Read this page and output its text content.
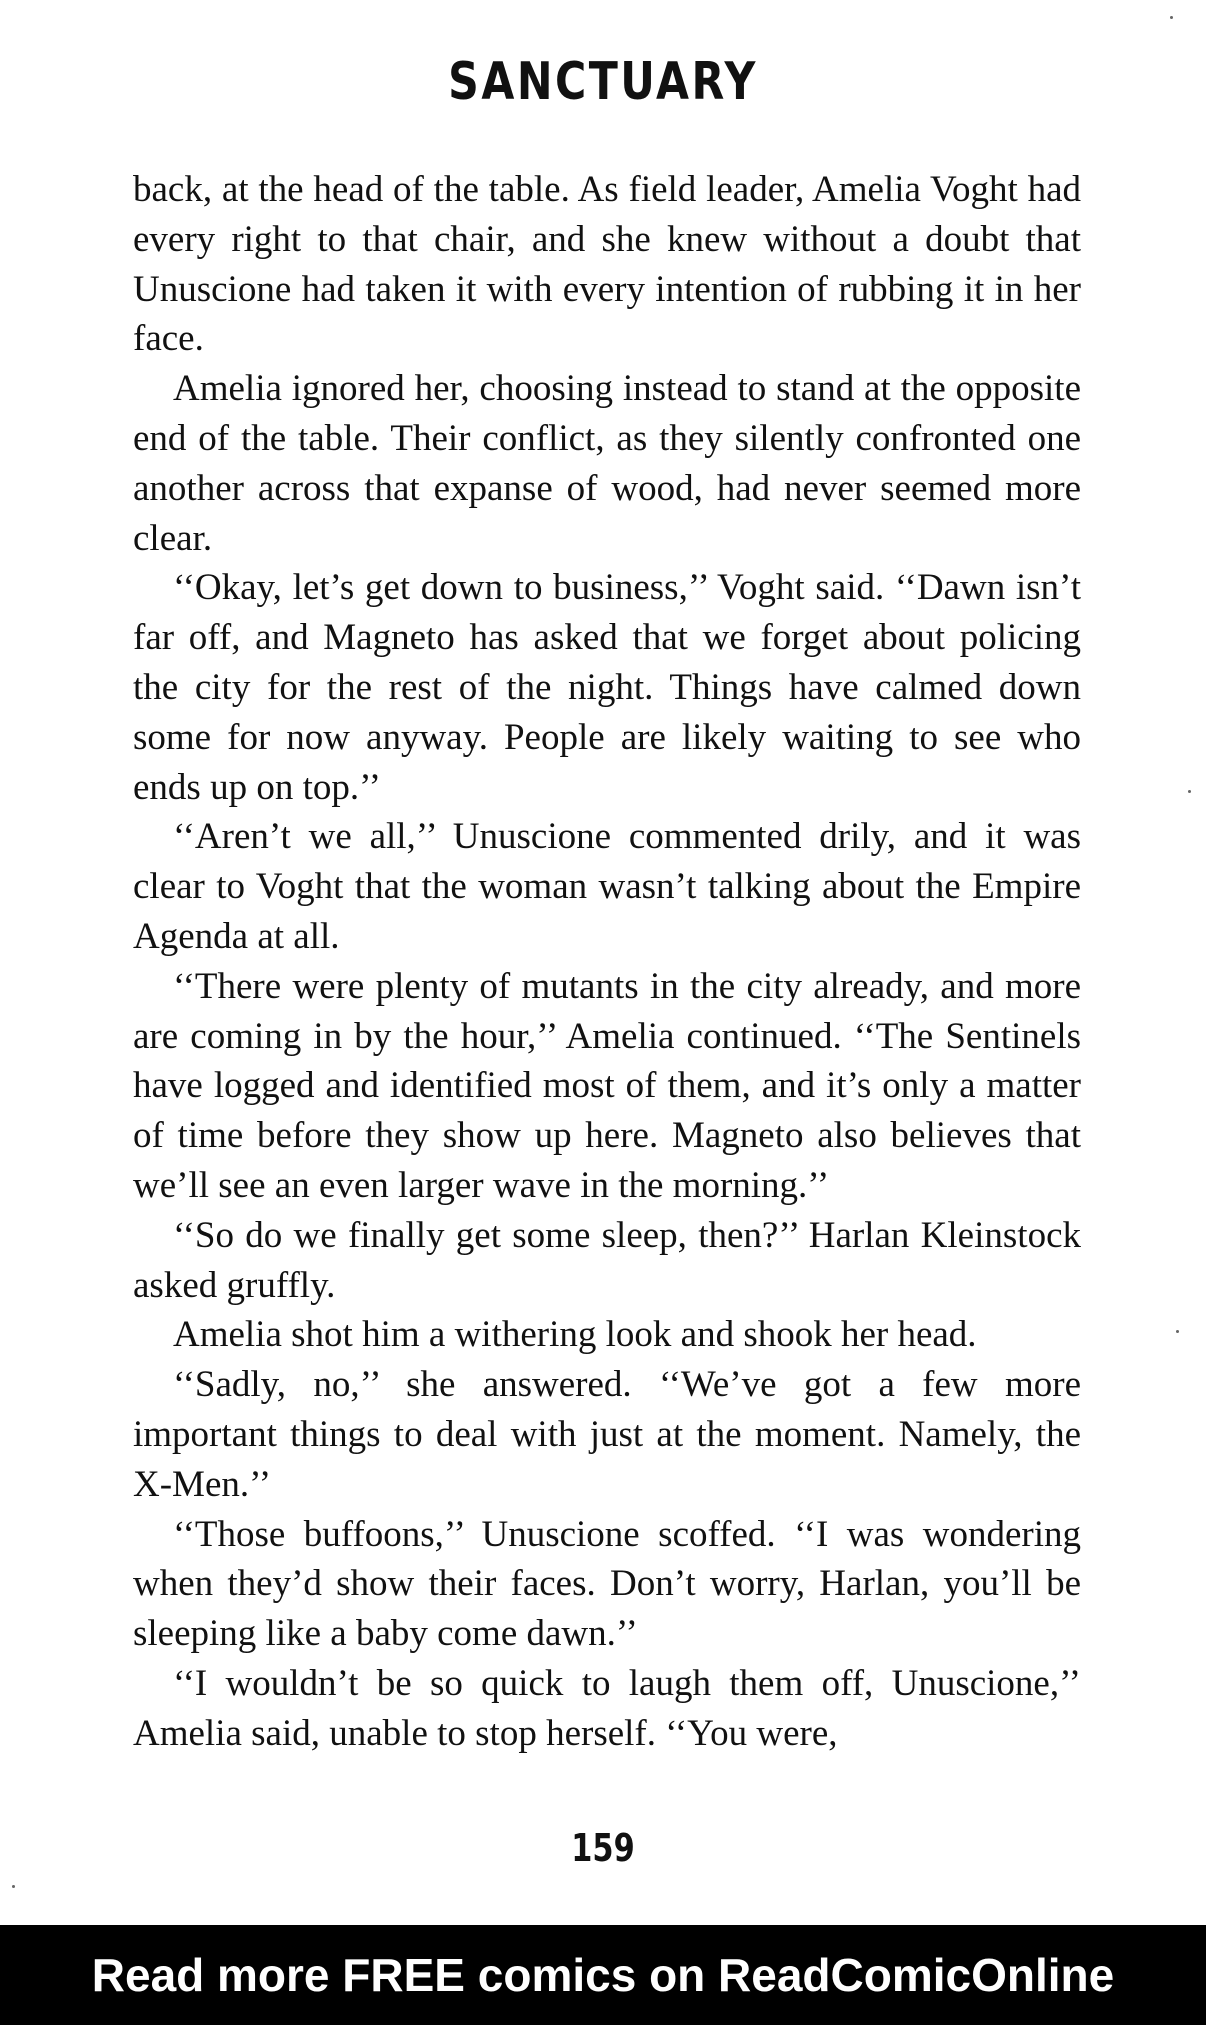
SANCTUARY

back, at the head of the table. As field leader, Amelia Voght had every right to that chair, and she knew without a doubt that Unuscione had taken it with every intention of rubbing it in her face.

Amelia ignored her, choosing instead to stand at the opposite end of the table. Their conflict, as they silently confronted one another across that expanse of wood, had never seemed more clear.

‘‘Okay, let’s get down to business,’’ Voght said. ‘‘Dawn isn’t far off, and Magneto has asked that we forget about policing the city for the rest of the night. Things have calmed down some for now anyway. People are likely waiting to see who ends up on top.’’

‘‘Aren’t we all,’’ Unuscione commented drily, and it was clear to Voght that the woman wasn’t talking about the Empire Agenda at all.

‘‘There were plenty of mutants in the city already, and more are coming in by the hour,’’ Amelia continued. ‘‘The Sentinels have logged and identified most of them, and it’s only a matter of time before they show up here. Magneto also believes that we’ll see an even larger wave in the morning.’’

‘‘So do we finally get some sleep, then?’’ Harlan Kleinstock asked gruffly.

Amelia shot him a withering look and shook her head.

‘‘Sadly, no,’’ she answered. ‘‘We’ve got a few more important things to deal with just at the moment. Namely, the X-Men.’’

‘‘Those buffoons,’’ Unuscione scoffed. ‘‘I was wondering when they’d show their faces. Don’t worry, Harlan, you’ll be sleeping like a baby come dawn.’’

‘‘I wouldn’t be so quick to laugh them off, Unuscione,’’ Amelia said, unable to stop herself. ‘‘You were,

159
Read more FREE comics on ReadComicOnline
